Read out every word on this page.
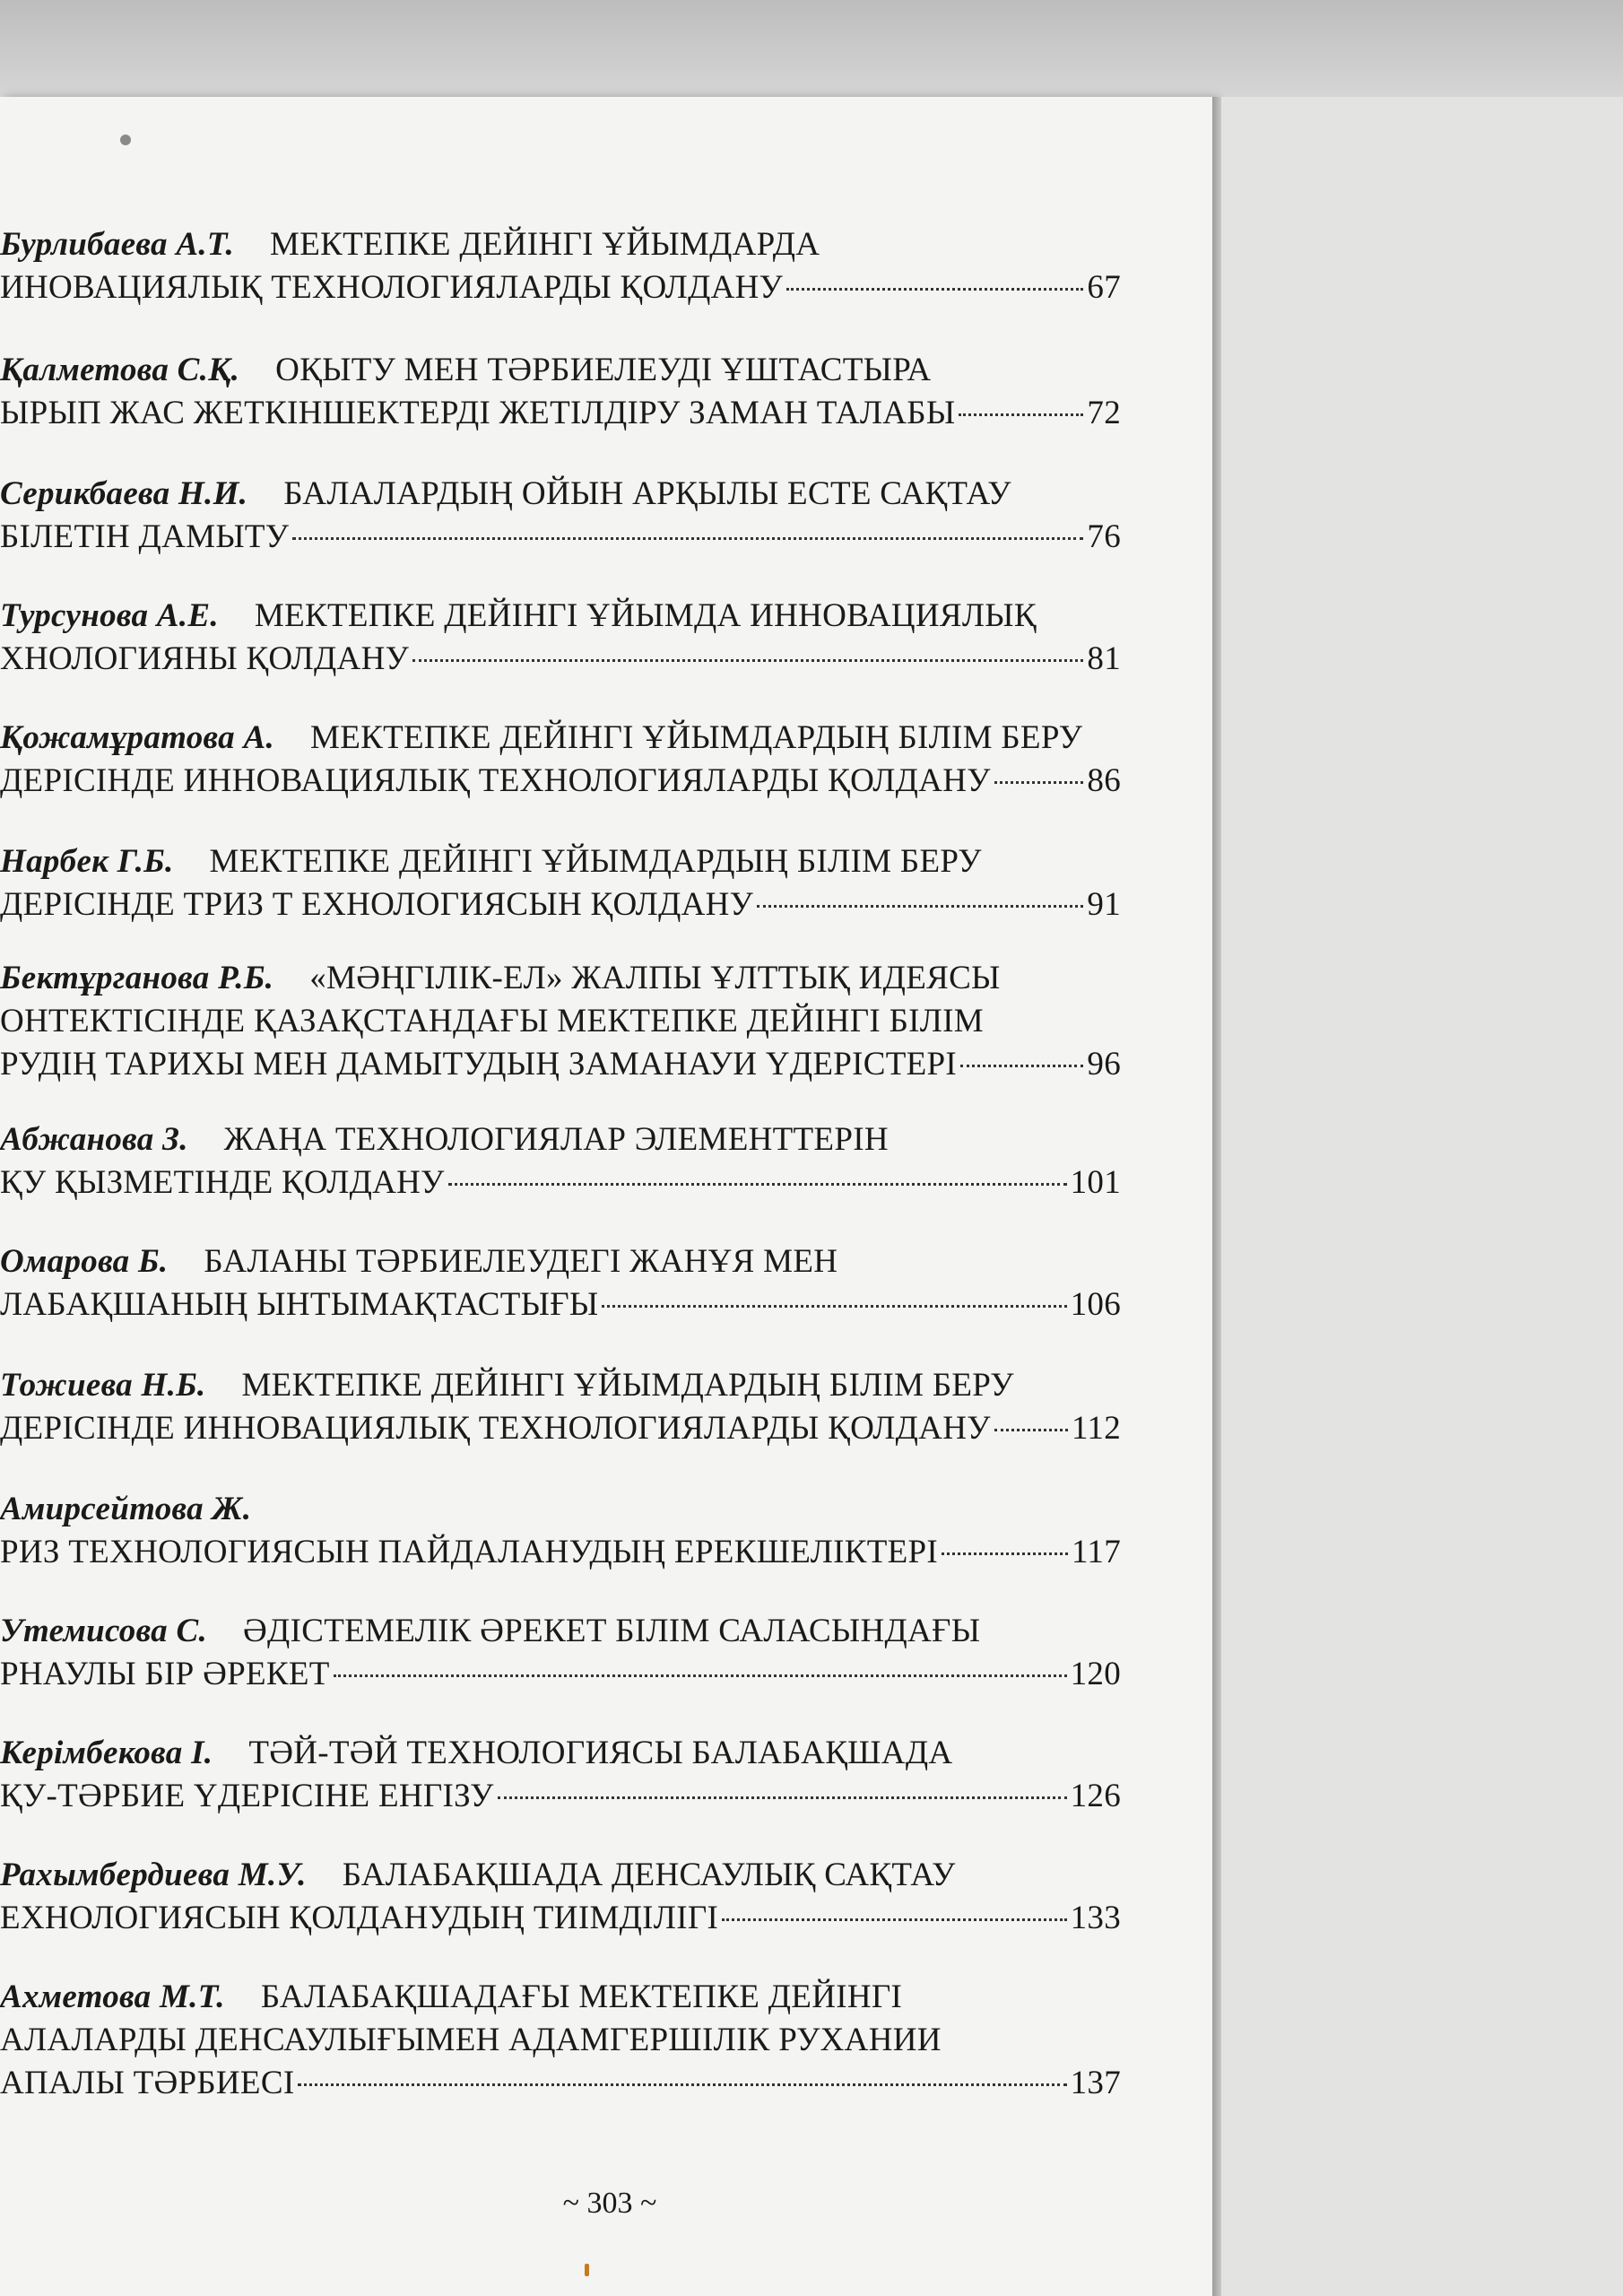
Бурлибаева А.Т. МЕКТЕПКЕ ДЕЙІНГІ ҰЙЫМДАРДА
ИНОВАЦИЯЛЫҚ ТЕХНОЛОГИЯЛАРДЫ ҚОЛДАНУ	67
Қалметова С.Қ. ОҚЫТУ МЕН ТӘРБИЕЛЕУДІ ҰШТАСТЫРА
ЫРЫП ЖАС ЖЕТКІНШЕКТЕРДІ ЖЕТІЛДІРУ ЗАМАН ТАЛАБЫ	72
Серикбаева Н.И. БАЛАЛАРДЫҢ ОЙЫН АРҚЫЛЫ ЕСТЕ САҚТАУ
БІЛЕТІН ДАМЫТУ	76
Турсунова А.Е. МЕКТЕПКЕ ДЕЙІНГІ ҰЙЫМДА ИННОВАЦИЯЛЫҚ
ХНОЛОГИЯНЫ ҚОЛДАНУ	81
Қожамұратова А. МЕКТЕПКЕ ДЕЙІНГІ ҰЙЫМДАРДЫҢ БІЛІМ БЕРУ
ДЕРІСІНДЕ ИННОВАЦИЯЛЫҚ ТЕХНОЛОГИЯЛАРДЫ ҚОЛДАНУ	86
Нарбек Г.Б. МЕКТЕПКЕ ДЕЙІНГІ ҰЙЫМДАРДЫҢ БІЛІМ БЕРУ
ДЕРІСІНДЕ ТРИЗ Т ЕХНОЛОГИЯСЫН ҚОЛДАНУ	91
Бектұрганова Р.Б. «МӘҢГІЛІК-ЕЛ» ЖАЛПЫ ҰЛТТЫҚ ИДЕЯСЫ
ОНТЕКТІСІНДЕ ҚАЗАҚСТАНДАҒЫ МЕКТЕПКЕ ДЕЙІНГІ БІЛІМ
РУДІҢ ТАРИХЫ МЕН ДАМЫТУДЫҢ ЗАМАНАУИ ҮДЕРІСТЕРІ	96
Абжанова З. ЖАҢА ТЕХНОЛОГИЯЛАР ЭЛЕМЕНТТЕРІН
ҚУ ҚЫЗМЕТІНДЕ ҚОЛДАНУ	101
Омарова Б. БАЛАНЫ ТӘРБИЕЛЕУДЕГІ ЖАНҰЯ МЕН
ЛАБАҚШАНЫҢ ЫНТЫМАҚТАСТЫҒЫ	106
Тожиева Н.Б. МЕКТЕПКЕ ДЕЙІНГІ ҰЙЫМДАРДЫҢ БІЛІМ БЕРУ
ДЕРІСІНДЕ ИННОВАЦИЯЛЫҚ ТЕХНОЛОГИЯЛАРДЫ ҚОЛДАНУ 112
Амирсейтова Ж.
РИЗ ТЕХНОЛОГИЯСЫН ПАЙДАЛАНУДЫҢ ЕРЕКШЕЛІКТЕРІ	117
Утемисова С. ӘДІСТЕМЕЛІК ӘРЕКЕТ БІЛІМ САЛАСЫНДАҒЫ
РНАУЛЫ БІР ӘРЕКЕТ	120
Керімбекова І. ТӘЙ-ТӘЙ ТЕХНОЛОГИЯСЫ БАЛАБАҚШАДА
ҚУ-ТӘРБИЕ ҮДЕРІСІНЕ ЕНГІЗУ	126
Рахымбердиева М.У. БАЛАБАҚШАДА ДЕНСАУЛЫҚ САҚТАУ
ЕХНОЛОГИЯСЫН ҚОЛДАНУДЫҢ ТИІМДІЛІГІ	133
Ахметова М.Т. БАЛАБАҚШАДАҒЫ МЕКТЕПКЕ ДЕЙІНГІ
АЛАЛАРДЫ ДЕНСАУЛЫҒЫМЕН АДАМГЕРШІЛІК РУХАНИИ
АПАЛЫ ТӘРБИЕСІ	137
~ 303 ~
